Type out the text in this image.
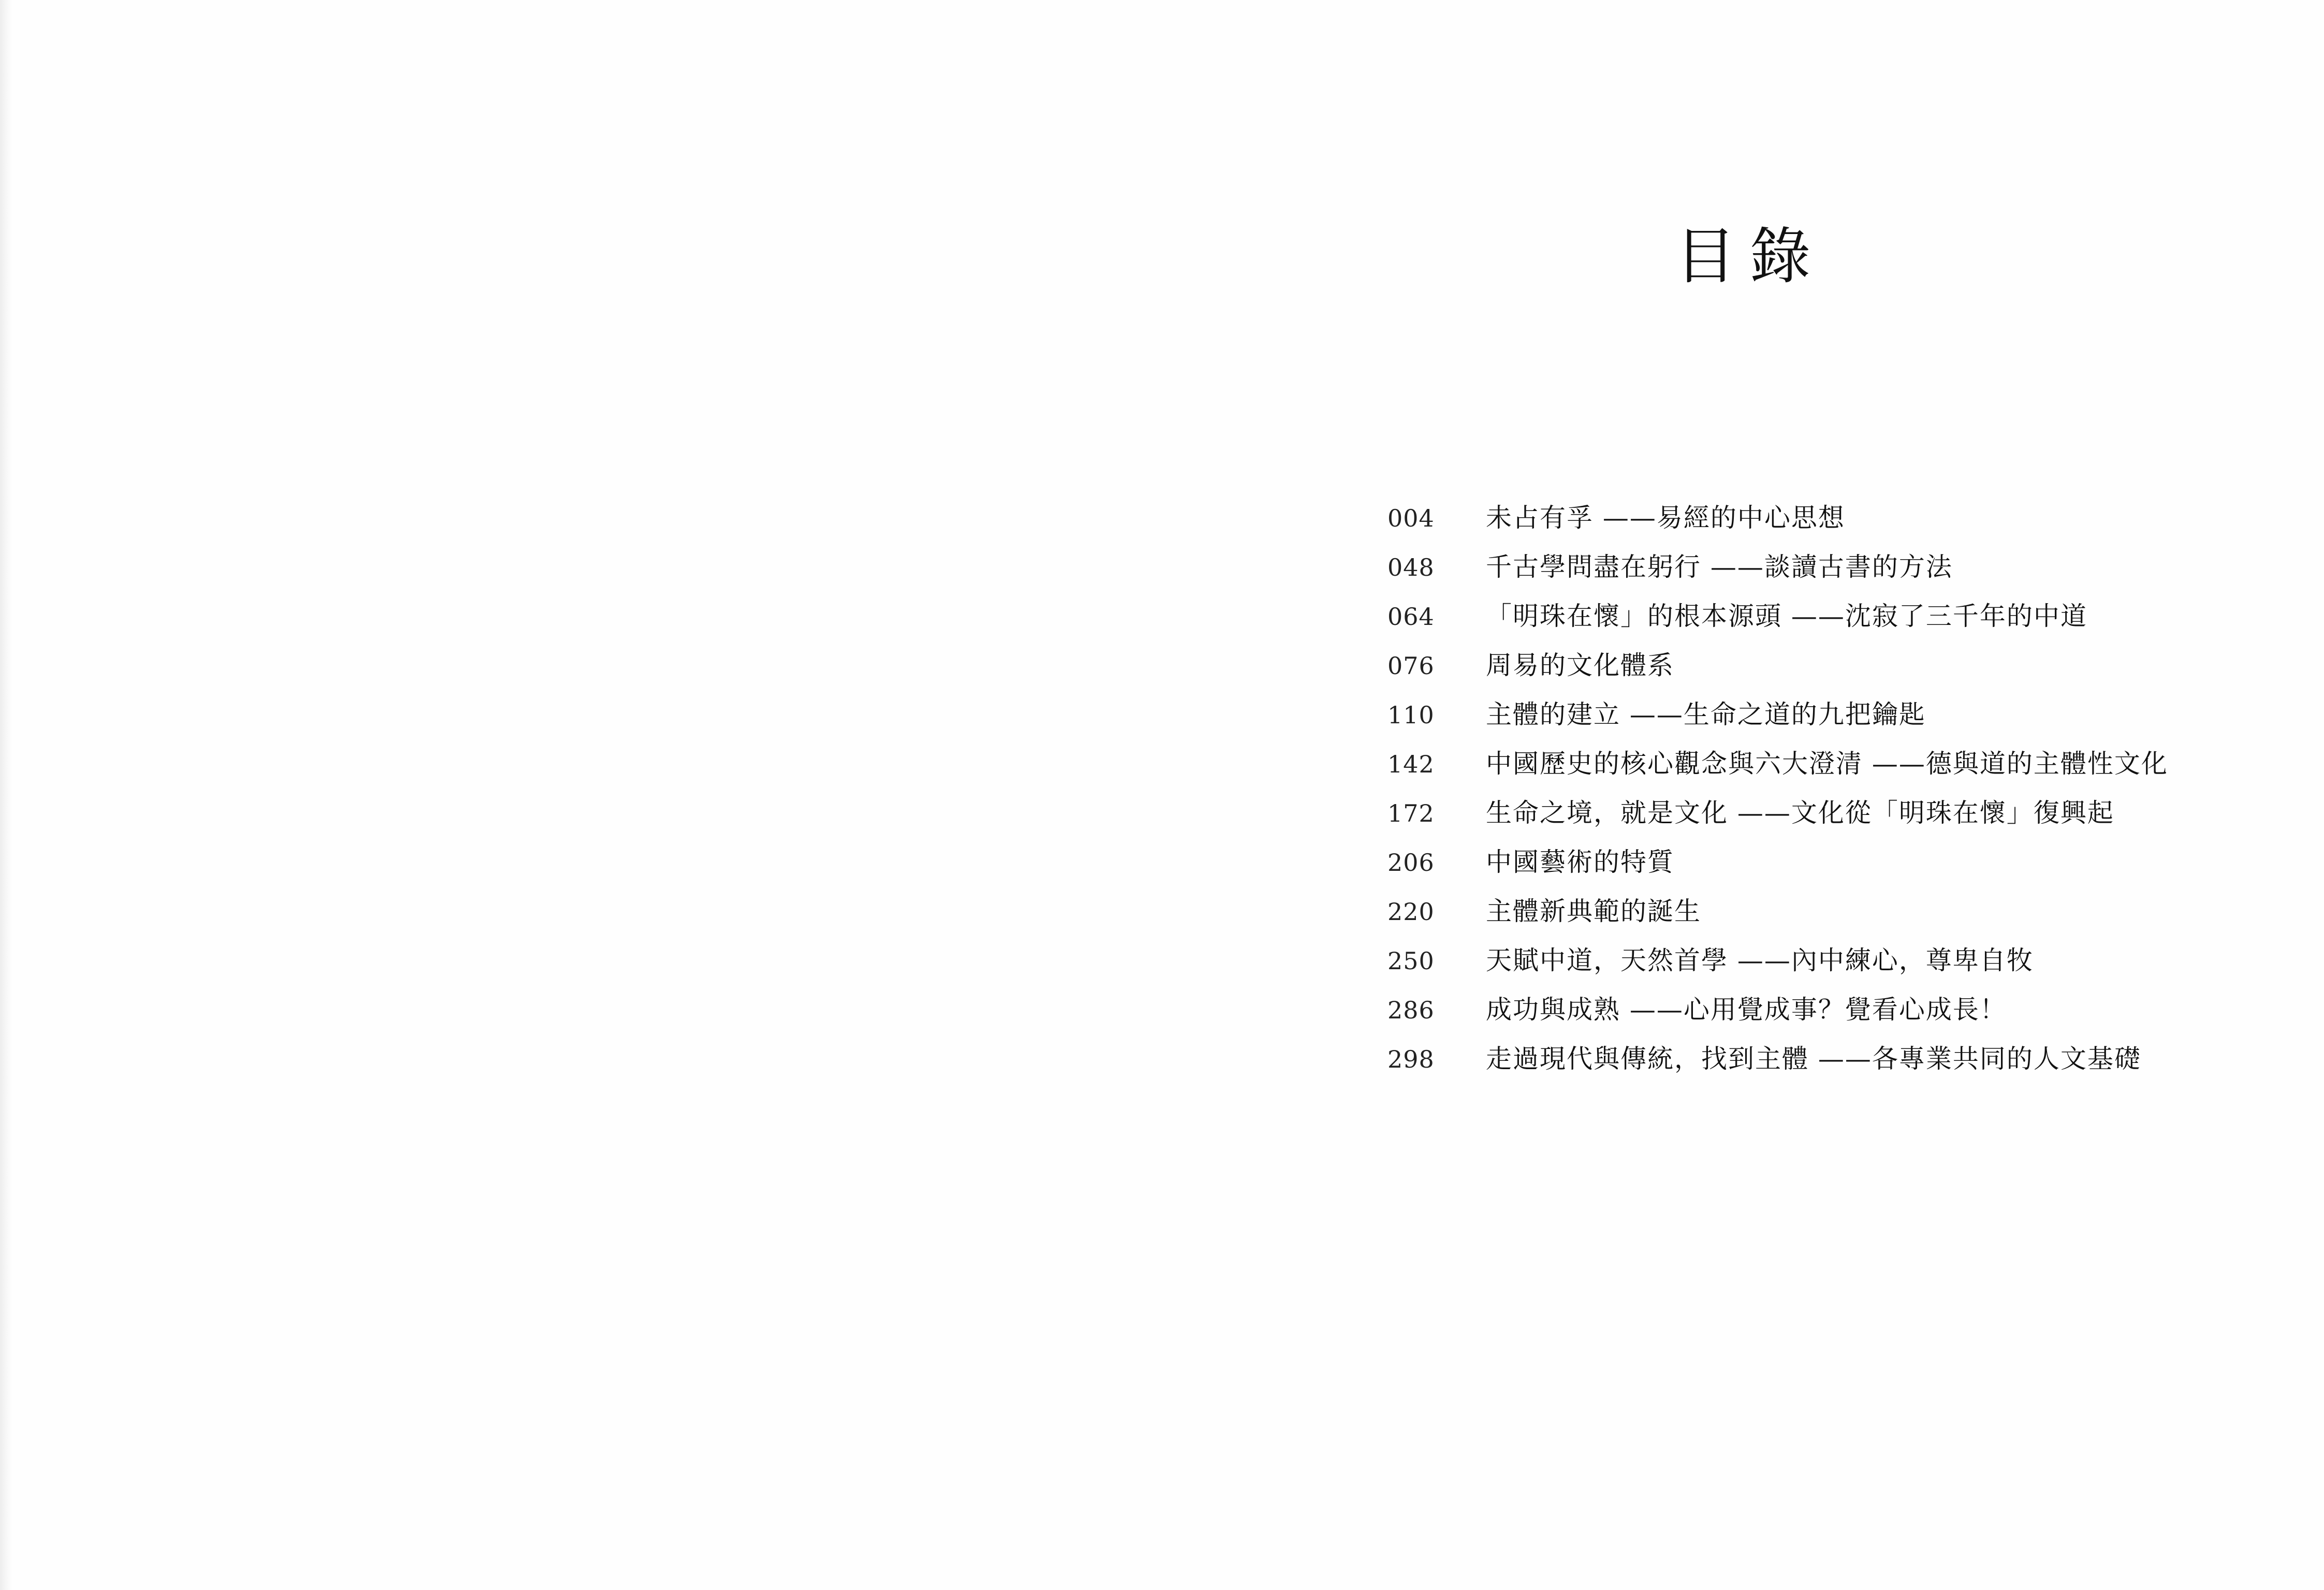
目錄
004	未占有孚 ——易經的中心思想
048	千古學問盡在躬行 ——談讀古書的方法
064	「明珠在懷」的根本源頭 ——沈寂了三千年的中道
076	周易的文化體系
110	主體的建立 ——生命之道的九把鑰匙
142	中國歷史的核心觀念與六大澄清 ——德與道的主體性文化
172	生命之境，就是文化 ——文化從「明珠在懷」復興起
206	中國藝術的特質
220	主體新典範的誕生
250	天賦中道，天然首學 ——內中練心，尊卑自牧
286	成功與成熟 ——心用覺成事？覺看心成長！
298	走過現代與傳統，找到主體 ——各專業共同的人文基礎
